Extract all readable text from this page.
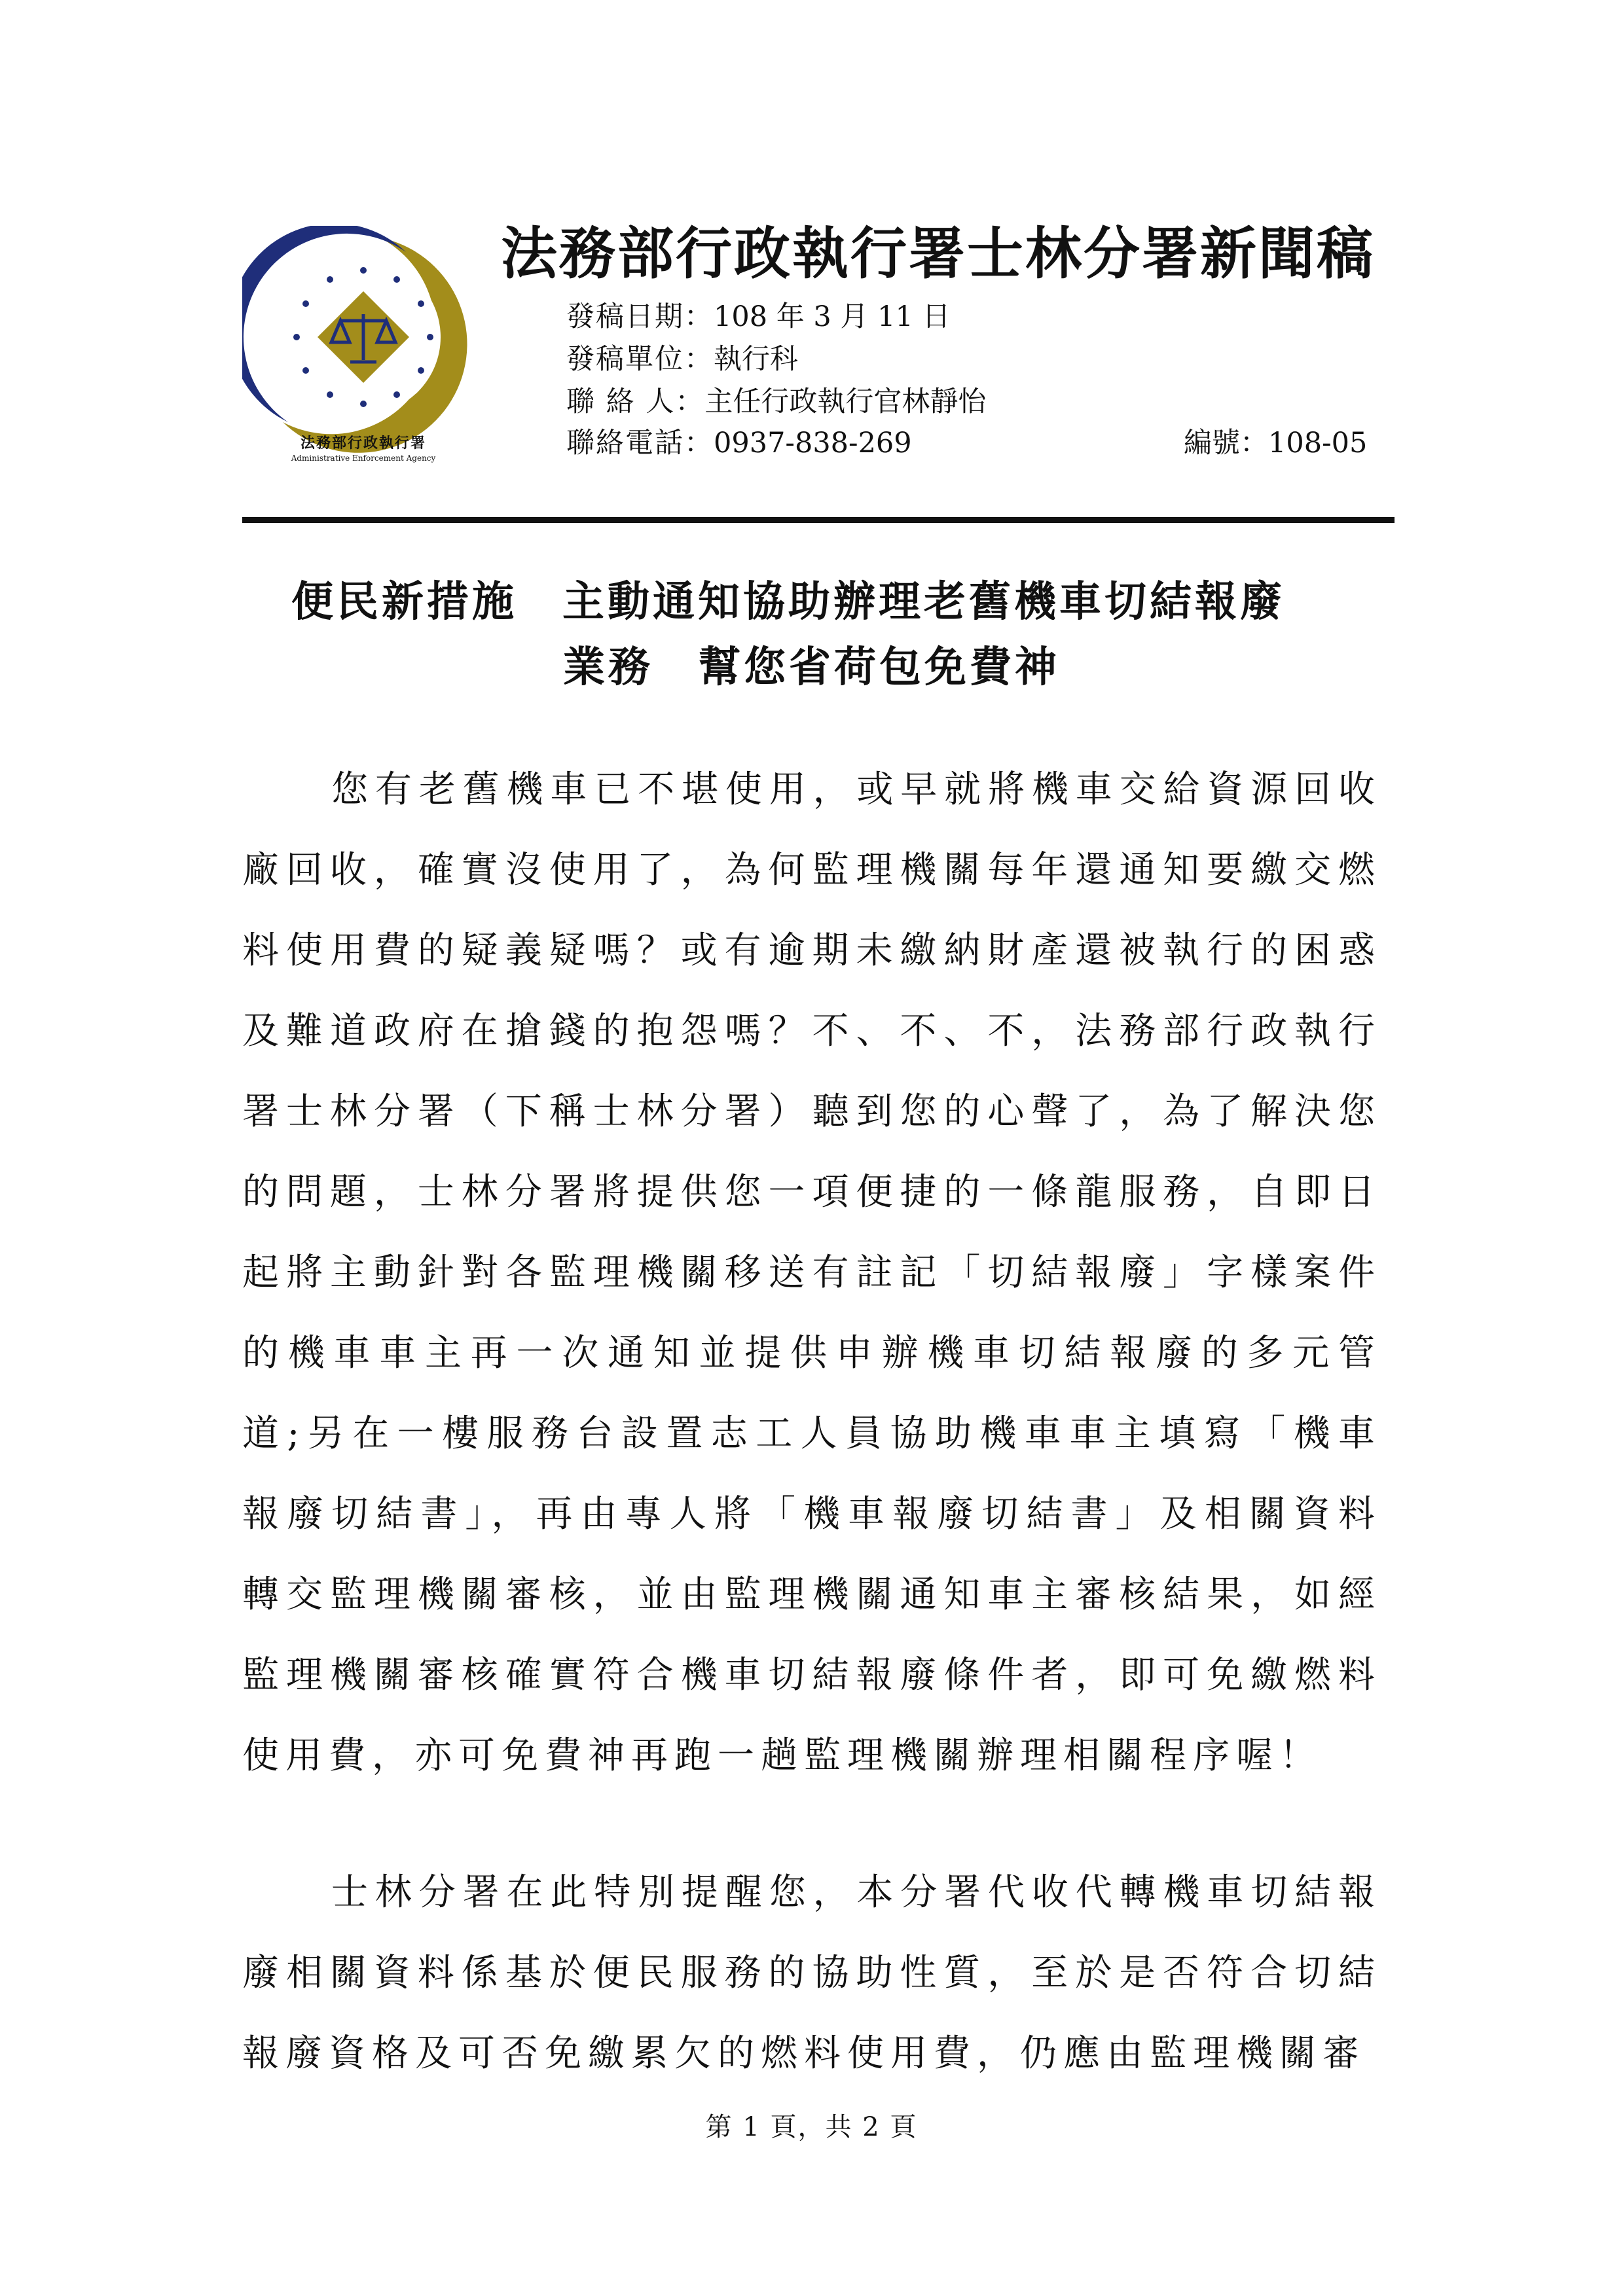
法務部行政執行署
Administrative Enforcement Agency
法務部行政執行署士林分署新聞稿
發稿日期：108 年 3 月 11 日
發稿單位：執行科
聯 絡 人：主任行政執行官林靜怡
聯絡電話：0937-838-269	編號：108-05
便民新措施　主動通知協助辦理老舊機車切結報廢
業務　幫您省荷包免費神

您有老舊機車已不堪使用，或早就將機車交給資源回收廠回收，確實沒使用了，為何監理機關每年還通知要繳交燃料使用費的疑義疑嗎？或有逾期未繳納財產還被執行的困惑及難道政府在搶錢的抱怨嗎？不、不、不，法務部行政執行署士林分署（下稱士林分署）聽到您的心聲了，為了解決您的問題，士林分署將提供您一項便捷的一條龍服務，自即日起將主動針對各監理機關移送有註記「切結報廢」字樣案件的機車車主再一次通知並提供申辦機車切結報廢的多元管道;另在一樓服務台設置志工人員協助機車車主填寫「機車報廢切結書」，再由專人將「機車報廢切結書」及相關資料轉交監理機關審核，並由監理機關通知車主審核結果，如經監理機關審核確實符合機車切結報廢條件者，即可免繳燃料使用費，亦可免費神再跑一趟監理機關辦理相關程序喔！

士林分署在此特別提醒您，本分署代收代轉機車切結報廢相關資料係基於便民服務的協助性質，至於是否符合切結報廢資格及可否免繳累欠的燃料使用費，仍應由監理機關審

第 1 頁，共 2 頁
